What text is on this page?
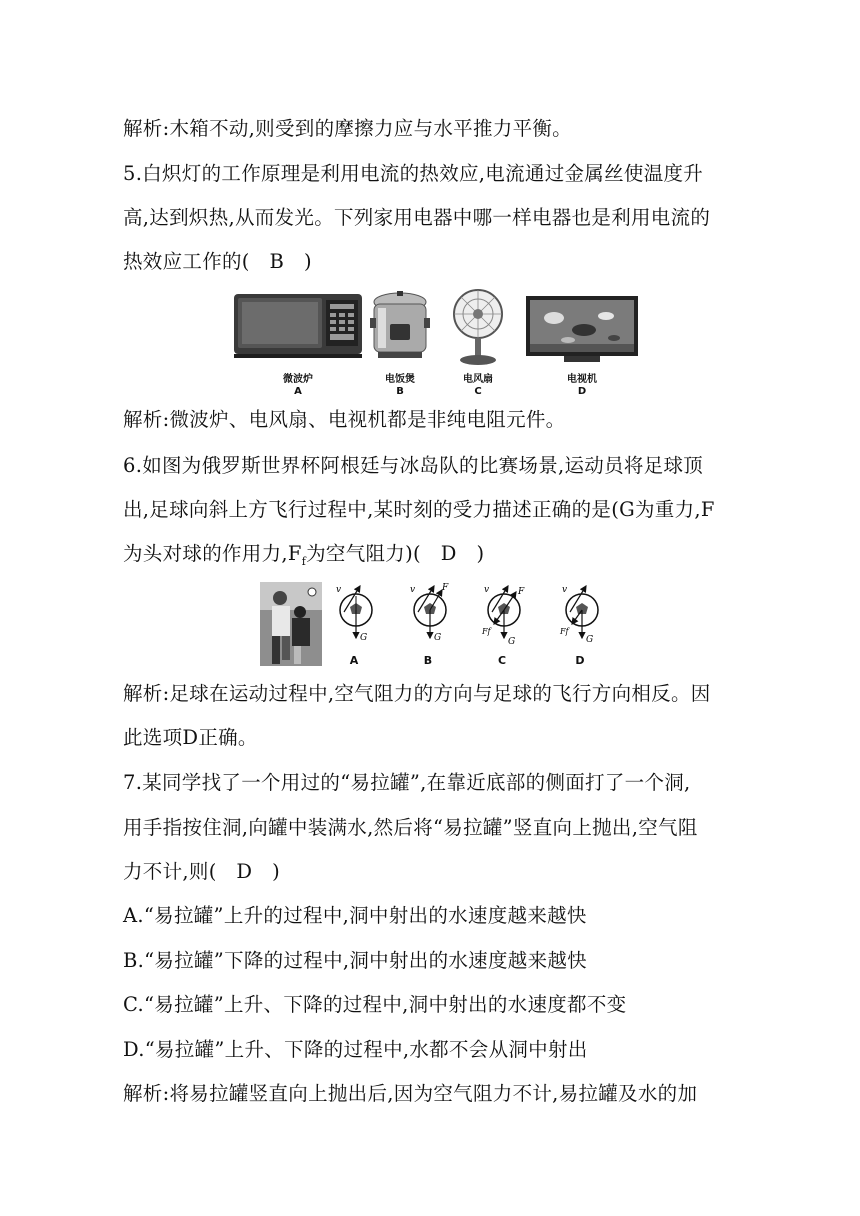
解析:木箱不动,则受到的摩擦力应与水平推力平衡。
5.白炽灯的工作原理是利用电流的热效应,电流通过金属丝使温度升
高,达到炽热,从而发光。下列家用电器中哪一样电器也是利用电流的
热效应工作的(　B　)
微波炉
A
电饭煲
B
电风扇
C
电视机
D
解析:微波炉、电风扇、电视机都是非纯电阻元件。
6.如图为俄罗斯世界杯阿根廷与冰岛队的比赛场景,运动员将足球顶
出,足球向斜上方飞行过程中,某时刻的受力描述正确的是(G为重力,F
为头对球的作用力$,F_f$为空气阻力)(　D　)
v
G
v	F
G
v	F
Ff
G
v
Ff
G
A	B	C	D
解析:足球在运动过程中,空气阻力的方向与足球的飞行方向相反。因
此选项D正确。
7.某同学找了一个用过的“易拉罐”,在靠近底部的侧面打了一个洞,
用手指按住洞,向罐中装满水,然后将“易拉罐”竖直向上抛出,空气阻
力不计,则(　D　)
A.“易拉罐”上升的过程中,洞中射出的水速度越来越快
B.“易拉罐”下降的过程中,洞中射出的水速度越来越快
C.“易拉罐”上升、下降的过程中,洞中射出的水速度都不变
D.“易拉罐”上升、下降的过程中,水都不会从洞中射出
解析:将易拉罐竖直向上抛出后,因为空气阻力不计,易拉罐及水的加
